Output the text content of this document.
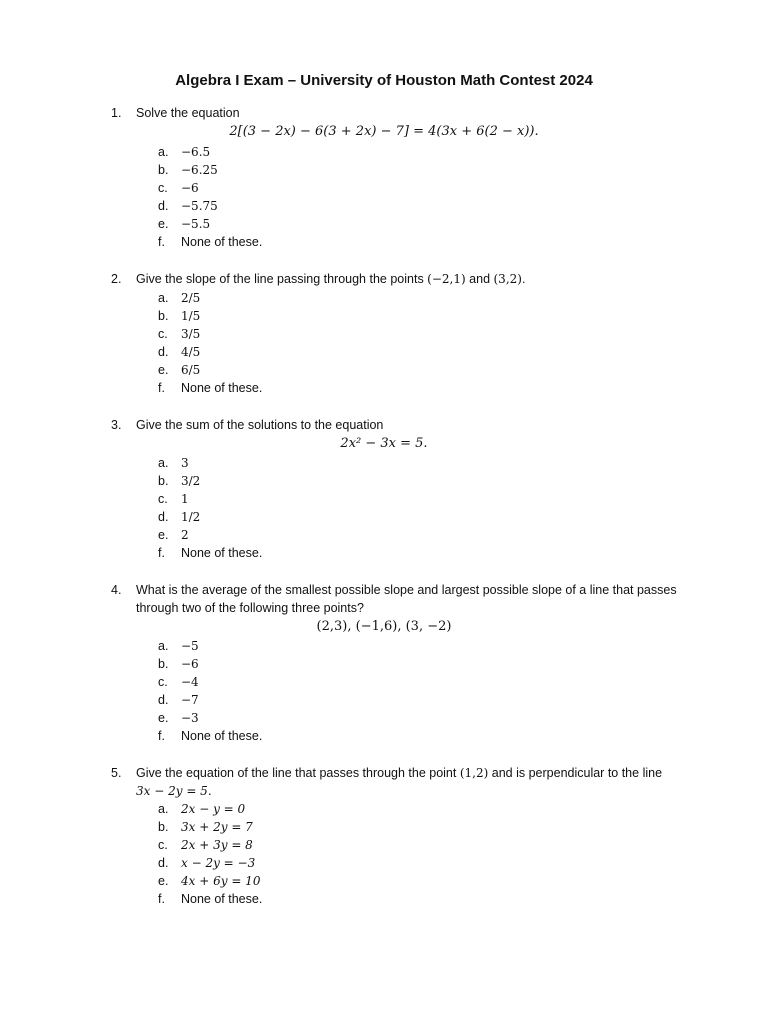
Algebra I Exam – University of Houston Math Contest 2024
1. Solve the equation
2[(3 − 2x) − 6(3 + 2x) − 7] = 4(3x + 6(2 − x)).
a. −6.5
b. −6.25
c. −6
d. −5.75
e. −5.5
f. None of these.
2. Give the slope of the line passing through the points (−2,1) and (3,2).
a. 2/5
b. 1/5
c. 3/5
d. 4/5
e. 6/5
f. None of these.
3. Give the sum of the solutions to the equation
2x² − 3x = 5.
a. 3
b. 3/2
c. 1
d. 1/2
e. 2
f. None of these.
4. What is the average of the smallest possible slope and largest possible slope of a line that passes
through two of the following three points?
(2,3), (−1,6), (3, −2)
a. −5
b. −6
c. −4
d. −7
e. −3
f. None of these.
5. Give the equation of the line that passes through the point (1,2) and is perpendicular to the line
3x − 2y = 5.
a. 2x − y = 0
b. 3x + 2y = 7
c. 2x + 3y = 8
d. x − 2y = −3
e. 4x + 6y = 10
f. None of these.
